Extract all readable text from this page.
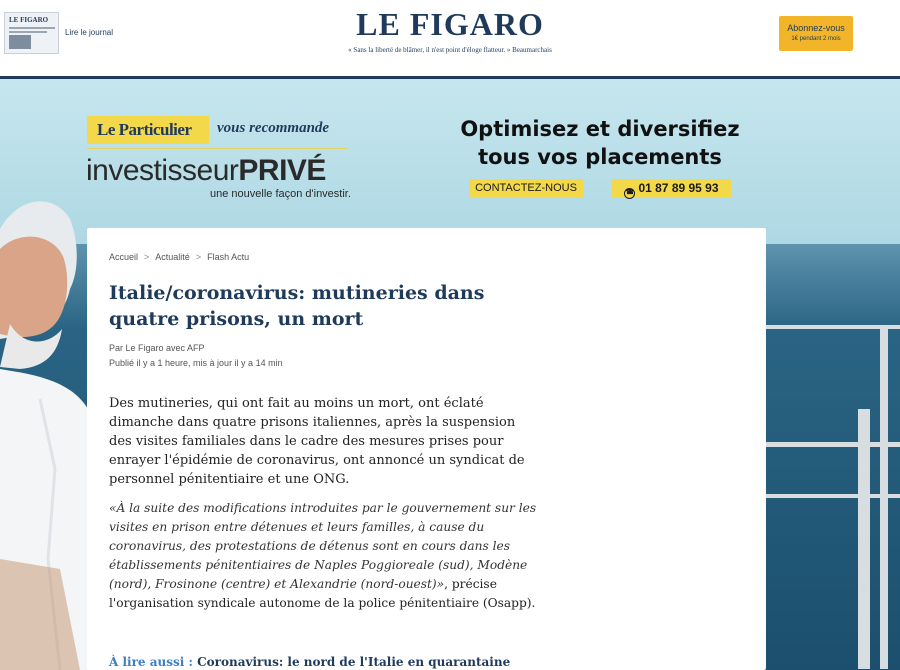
LE FIGARO
Lire le journal	LE FIGARO
« Sans la liberté de blâmer, il n'est point d'éloge flatteur. » Beaumarchais
Abonnez-vous
1€ pendant 2 mois
Le Particulier	vous recommande
investisseurPRIVÉ
une nouvelle façon d'investir.
Optimisez et diversifiez
tous vos placements
CONTACTEZ-NOUS	☎ 01 87 89 95 93
Accueil > Actualité > Flash Actu
Italie/coronavirus: mutineries dans quatre prisons, un mort
Par Le Figaro avec AFP
Publié il y a 1 heure, mis à jour il y a 14 min
Des mutineries, qui ont fait au moins un mort, ont éclaté dimanche dans quatre prisons italiennes, après la suspension des visites familiales dans le cadre des mesures prises pour enrayer l'épidémie de coronavirus, ont annoncé un syndicat de personnel pénitentiaire et une ONG.
«À la suite des modifications introduites par le gouvernement sur les visites en prison entre détenues et leurs familles, à cause du coronavirus, des protestations de détenus sont en cours dans les établissements pénitentiaires de Naples Poggioreale (sud), Modène (nord), Frosinone (centre) et Alexandrie (nord-ouest)», précise l'organisation syndicale autonome de la police pénitentiaire (Osapp).
À lire aussi : Coronavirus: le nord de l'Italie en quarantaine
